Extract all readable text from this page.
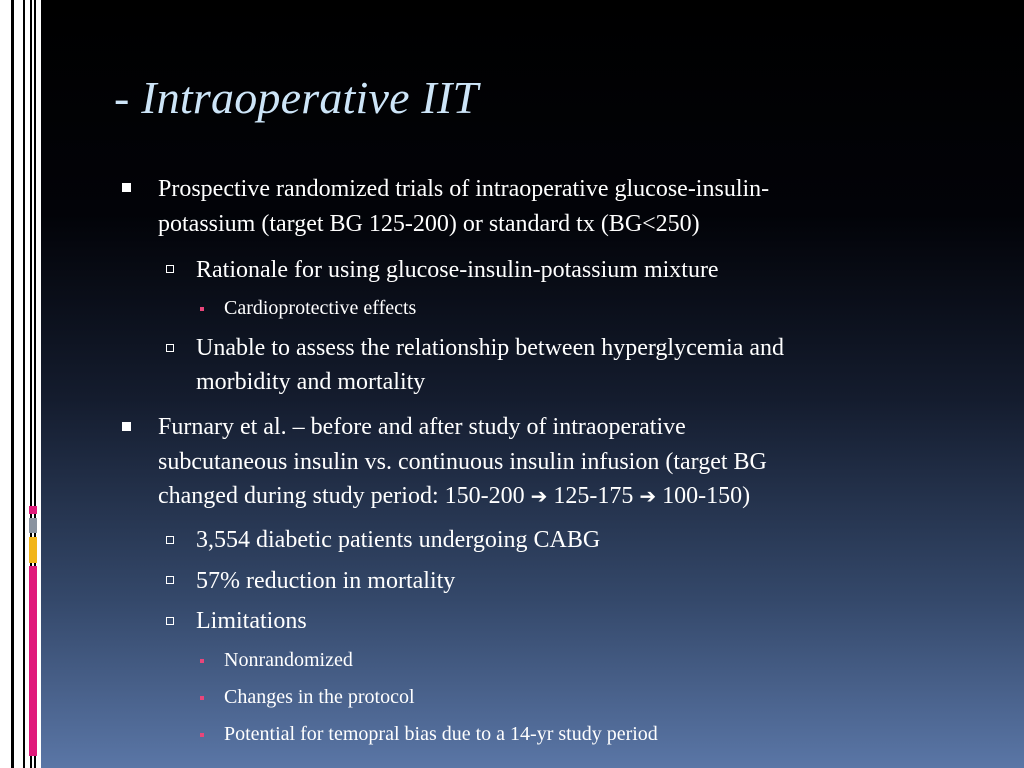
- Intraoperative IIT
Prospective randomized trials of intraoperative glucose-insulin-
potassium (target BG 125-200) or standard tx (BG<250)
Rationale for using glucose-insulin-potassium mixture
Cardioprotective effects
Unable to assess the relationship between hyperglycemia and
morbidity and mortality
Furnary et al. – before and after study of intraoperative
subcutaneous insulin vs. continuous insulin infusion (target BG
changed during study period: 150-200 ➔ 125-175 ➔ 100-150)
3,554 diabetic patients undergoing CABG
57% reduction in mortality
Limitations
Nonrandomized
Changes in the protocol
Potential for temopral bias due to a 14-yr study period
